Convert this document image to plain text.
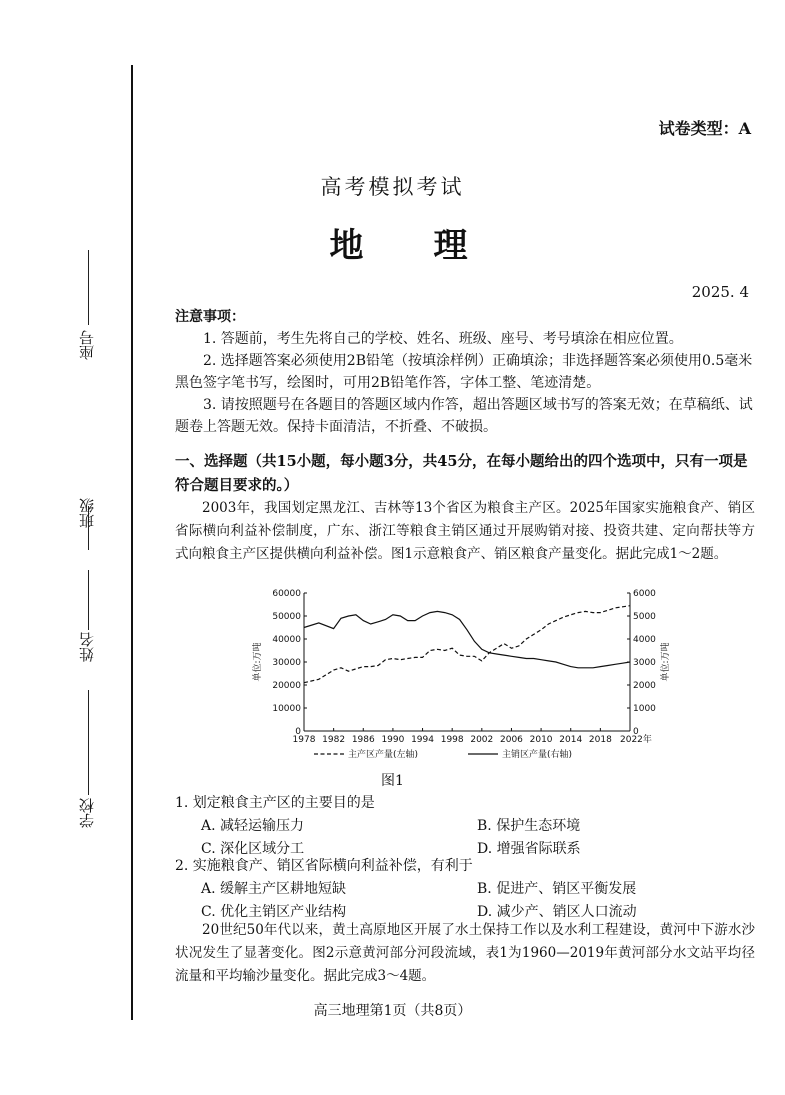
座号
班级
姓名
学校
试卷类型：A
高考模拟考试
地　理
2025. 4

注意事项：

1. 答题前，考生先将自己的学校、姓名、班级、座号、考号填涂在相应位置。

2. 选择题答案必须使用2B铅笔（按填涂样例）正确填涂；非选择题答案必须使用0.5毫米黑色签字笔书写，绘图时，可用2B铅笔作答，字体工整、笔迹清楚。

3. 请按照题号在各题目的答题区域内作答，超出答题区域书写的答案无效；在草稿纸、试题卷上答题无效。保持卡面清洁，不折叠、不破损。

一、选择题（共15小题，每小题3分，共45分，在每小题给出的四个选项中，只有一项是符合题目要求的。）

2003年，我国划定黑龙江、吉林等13个省区为粮食主产区。2025年国家实施粮食产、销区省际横向利益补偿制度，广东、浙江等粮食主销区通过开展购销对接、投资共建、定向帮扶等方式向粮食主产区提供横向利益补偿。图1示意粮食产、销区粮食产量变化。据此完成1～2题。

0
10000
20000
30000
40000
50000
60000
0
1000
2000
3000
4000
5000
6000
1978 1982 1986 1990 1994 1998 2002 2006 2010 2014 2018 2022年
单位:万吨	单位:万吨
主产区产量(左轴)	主销区产量(右轴)
图1

1. 划定粮食主产区的主要目的是

A. 减轻运输压力	B. 保护生态环境
C. 深化区域分工	D. 增强省际联系

2. 实施粮食产、销区省际横向利益补偿，有利于

A. 缓解主产区耕地短缺	B. 促进产、销区平衡发展
C. 优化主销区产业结构	D. 减少产、销区人口流动

20世纪50年代以来，黄土高原地区开展了水土保持工作以及水利工程建设，黄河中下游水沙状况发生了显著变化。图2示意黄河部分河段流域，表1为1960—2019年黄河部分水文站平均径流量和平均输沙量变化。据此完成3～4题。

高三地理第1页（共8页）
